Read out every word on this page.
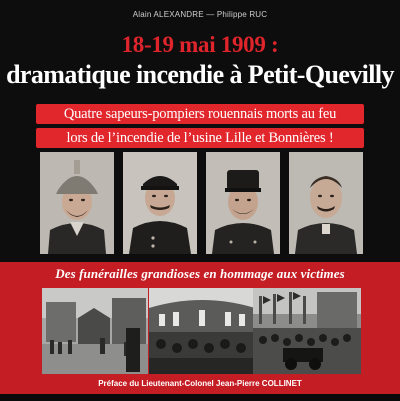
Alain ALEXANDRE — Philippe RUC
18-19 mai 1909 :
dramatique incendie à Petit-Quevilly
Quatre sapeurs-pompiers rouennais morts au feu
lors de l’incendie de l’usine Lille et Bonnières !
Des funérailles grandioses en hommage aux victimes
Préface du Lieutenant-Colonel Jean-Pierre COLLINET
